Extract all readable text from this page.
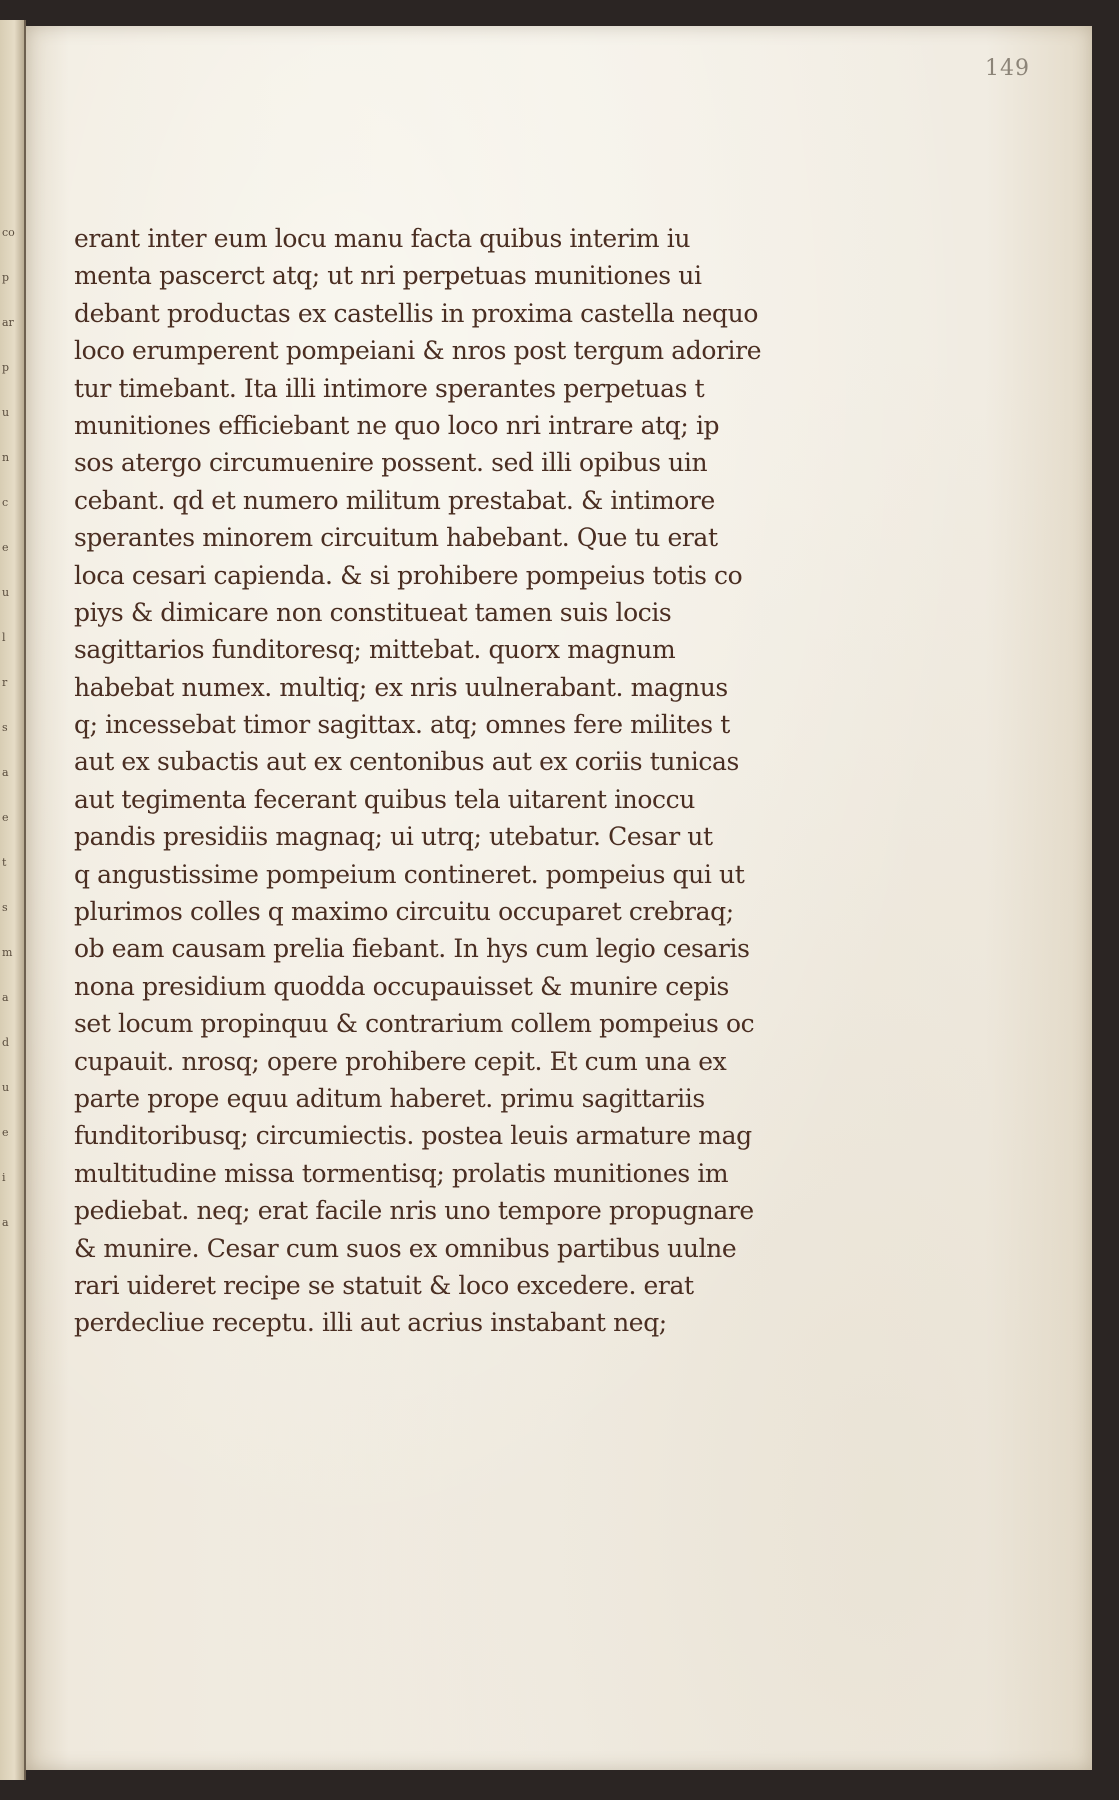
co
p
ar
p
u
n
c
e
u
l
r
s
a
e
t
s
m
a
d
u
e
i
a
149
erant inter eum locu manu facta quibus interim iu
menta pascerct atq; ut nri perpetuas munitiones ui
debant productas ex castellis in proxima castella nequo
loco erumperent pompeiani & nros post tergum adorire
tur timebant. Ita illi intimore sperantes perpetuas t
munitiones efficiebant ne quo loco nri intrare atq; ip
sos atergo circumuenire possent. sed illi opibus uin
cebant. qd et numero militum prestabat. & intimore
sperantes minorem circuitum habebant. Que tu erat
loca cesari capienda. & si prohibere pompeius totis co
piys & dimicare non constitueat tamen suis locis
sagittarios funditoresq; mittebat. quorx magnum
habebat numex. multiq; ex nris uulnerabant. magnus
q; incessebat timor sagittax. atq; omnes fere milites t
aut ex subactis aut ex centonibus aut ex coriis tunicas
aut tegimenta fecerant quibus tela uitarent inoccu
pandis presidiis magnaq; ui utrq; utebatur. Cesar ut
q angustissime pompeium contineret. pompeius qui ut
plurimos colles q maximo circuitu occuparet crebraq;
ob eam causam prelia fiebant. In hys cum legio cesaris
nona presidium quodda occupauisset & munire cepis
set locum propinquu & contrarium collem pompeius oc
cupauit. nrosq; opere prohibere cepit. Et cum una ex
parte prope equu aditum haberet. primu sagittariis
funditoribusq; circumiectis. postea leuis armature mag
multitudine missa tormentisq; prolatis munitiones im
pediebat. neq; erat facile nris uno tempore propugnare
& munire. Cesar cum suos ex omnibus partibus uulne
rari uideret recipe se statuit & loco excedere. erat
perdecliue receptu. illi aut acrius instabant neq;
